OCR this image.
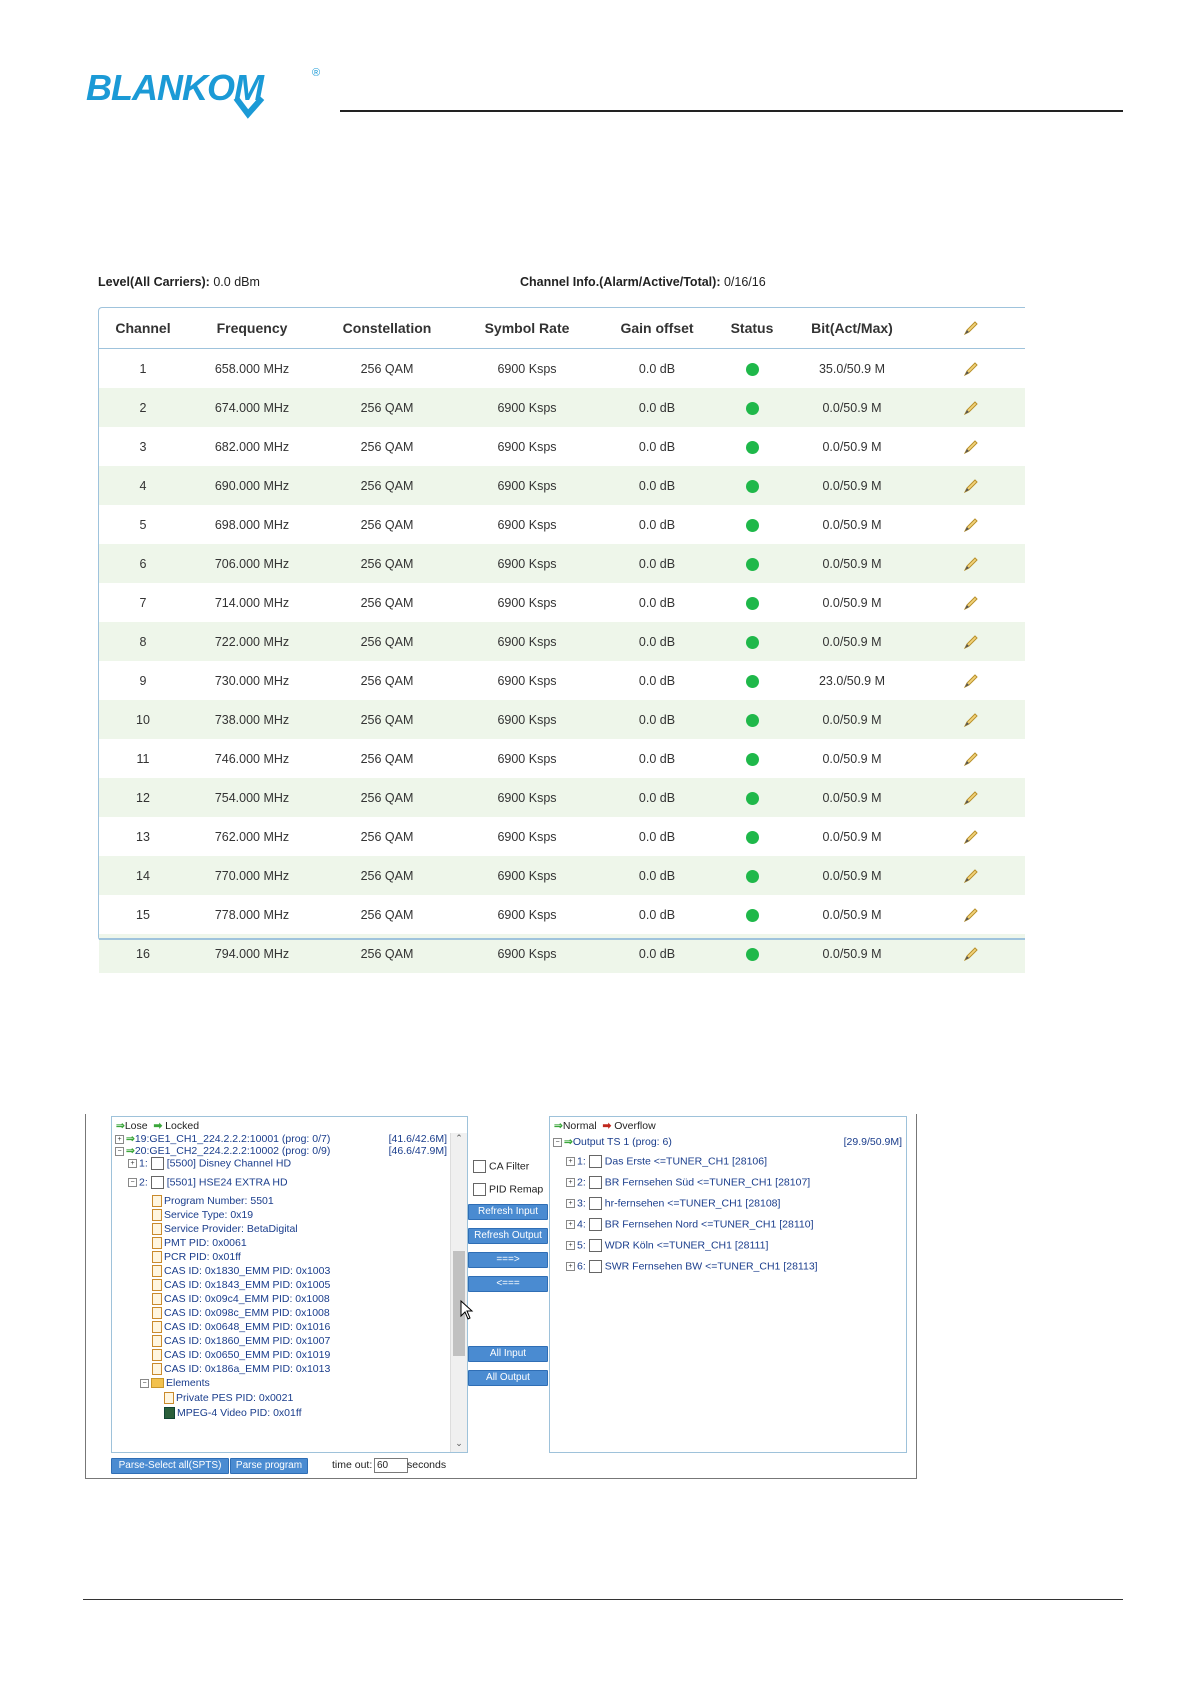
BLANKOM	®
Level(All Carriers): 0.0 dBm	Channel Info.(Alarm/Active/Total): 0/16/16
Channel	Frequency	Constellation	Symbol Rate	Gain offset	Status	Bit(Act/Max)	
1	658.000 MHz	256 QAM	6900 Ksps	0.0 dB		35.0/50.9 M	
2	674.000 MHz	256 QAM	6900 Ksps	0.0 dB		0.0/50.9 M	
3	682.000 MHz	256 QAM	6900 Ksps	0.0 dB		0.0/50.9 M	
4	690.000 MHz	256 QAM	6900 Ksps	0.0 dB		0.0/50.9 M	
5	698.000 MHz	256 QAM	6900 Ksps	0.0 dB		0.0/50.9 M	
6	706.000 MHz	256 QAM	6900 Ksps	0.0 dB		0.0/50.9 M	
7	714.000 MHz	256 QAM	6900 Ksps	0.0 dB		0.0/50.9 M	
8	722.000 MHz	256 QAM	6900 Ksps	0.0 dB		0.0/50.9 M	
9	730.000 MHz	256 QAM	6900 Ksps	0.0 dB		23.0/50.9 M	
10	738.000 MHz	256 QAM	6900 Ksps	0.0 dB		0.0/50.9 M	
11	746.000 MHz	256 QAM	6900 Ksps	0.0 dB		0.0/50.9 M	
12	754.000 MHz	256 QAM	6900 Ksps	0.0 dB		0.0/50.9 M	
13	762.000 MHz	256 QAM	6900 Ksps	0.0 dB		0.0/50.9 M	
14	770.000 MHz	256 QAM	6900 Ksps	0.0 dB		0.0/50.9 M	
15	778.000 MHz	256 QAM	6900 Ksps	0.0 dB		0.0/50.9 M	
16	794.000 MHz	256 QAM	6900 Ksps	0.0 dB		0.0/50.9 M	
⇒Lose ➡ Locked
[41.6/42.6M]
+ ⇒19:GE1_CH1_224.2.2.2:10001 (prog: 0/7)
[46.6/47.9M]
− ⇒20:GE1_CH2_224.2.2.2:10002 (prog: 0/9)
+ 1: [5500] Disney Channel HD
− 2: [5501] HSE24 EXTRA HD
Program Number: 5501
Service Type: 0x19
Service Provider: BetaDigital
PMT PID: 0x0061
PCR PID: 0x01ff
CAS ID: 0x1830_EMM PID: 0x1003
CAS ID: 0x1843_EMM PID: 0x1005
CAS ID: 0x09c4_EMM PID: 0x1008
CAS ID: 0x098c_EMM PID: 0x1008
CAS ID: 0x0648_EMM PID: 0x1016
CAS ID: 0x1860_EMM PID: 0x1007
CAS ID: 0x0650_EMM PID: 0x1019
CAS ID: 0x186a_EMM PID: 0x1013
− Elements
Private PES PID: 0x0021
MPEG-4 Video PID: 0x01ff
⌃
⌄
CA Filter
PID Remap
Refresh Input
Refresh Output
===>
<===
All Input
All Output
⇒Normal ➡ Overflow
− ⇒Output TS 1 (prog: 6)	[29.9/50.9M]
+ 1: Das Erste <=TUNER_CH1 [28106]
+ 2: BR Fernsehen Süd <=TUNER_CH1 [28107]
+ 3: hr-fernsehen <=TUNER_CH1 [28108]
+ 4: BR Fernsehen Nord <=TUNER_CH1 [28110]
+ 5: WDR Köln <=TUNER_CH1 [28111]
+ 6: SWR Fernsehen BW <=TUNER_CH1 [28113]
Parse-Select all(SPTS)	Parse program	time out: 60	seconds
